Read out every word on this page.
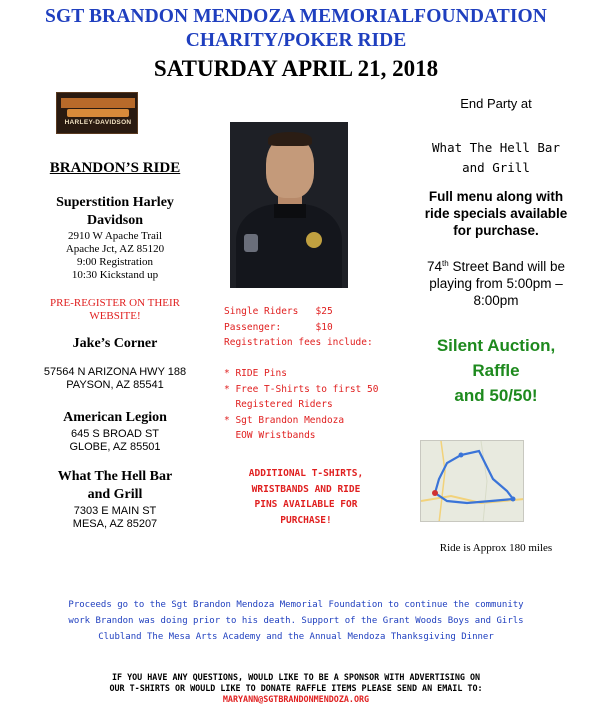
SGT BRANDON MENDOZA MEMORIALFOUNDATION
CHARITY/POKER RIDE
SATURDAY APRIL 21, 2018
HARLEY-DAVIDSON
BRANDON’S RIDE
Superstition Harley
Davidson
2910 W Apache Trail
Apache Jct, AZ 85120
9:00 Registration
10:30 Kickstand up
PRE-REGISTER ON THEIR
WEBSITE!
Jake’s Corner
57564 N ARIZONA HWY 188
PAYSON, AZ 85541
American Legion
645 S BROAD ST
GLOBE, AZ 85501
What The Hell Bar
and Grill
7303 E MAIN ST
MESA, AZ 85207
Single Riders   $25
Passenger:      $10
Registration fees include:
* RIDE Pins
* Free T-Shirts to first 50
Registered Riders
* Sgt Brandon Mendoza
EOW Wristbands
ADDITIONAL T-SHIRTS,
WRISTBANDS AND RIDE
PINS AVAILABLE FOR
PURCHASE!
End Party at
What The Hell Bar
and Grill
Full menu along with
ride specials available
for purchase.
74th Street Band will be
playing from 5:00pm –
8:00pm
Silent Auction,
Raffle
and 50/50!
Ride is Approx 180 miles
Proceeds go to the Sgt Brandon Mendoza Memorial Foundation to continue the community
work Brandon was doing prior to his death. Support of the Grant Woods Boys and Girls
Clubland The Mesa Arts Academy and the Annual Mendoza Thanksgiving Dinner
IF YOU HAVE ANY QUESTIONS, WOULD LIKE TO BE A SPONSOR WITH ADVERTISING ON
OUR T-SHIRTS OR WOULD LIKE TO DONATE RAFFLE ITEMS PLEASE SEND AN EMAIL TO:
MARYANN@SGTBRANDONMENDOZA.ORG
